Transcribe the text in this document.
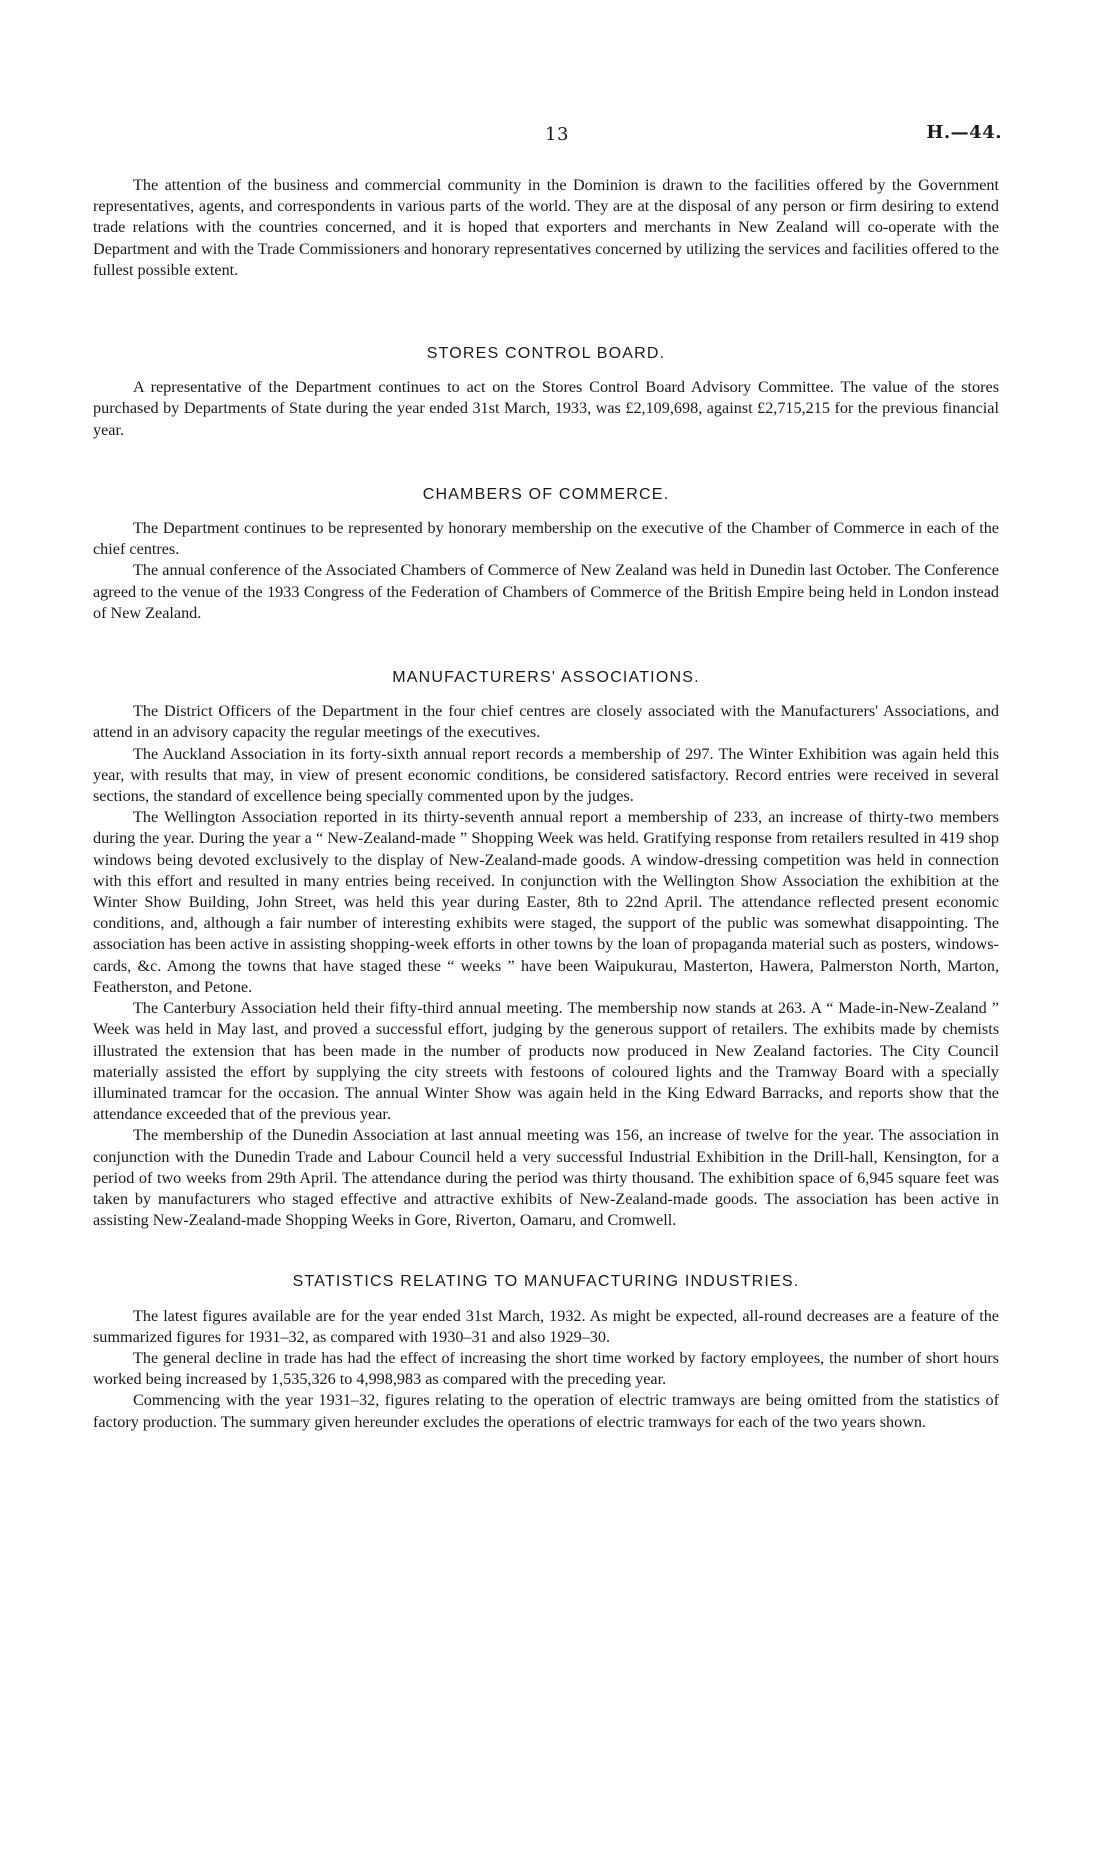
13	H.—44.

The attention of the business and commercial community in the Dominion is drawn to the facilities offered by the Government representatives, agents, and correspondents in various parts of the world. They are at the disposal of any person or firm desiring to extend trade relations with the countries concerned, and it is hoped that exporters and merchants in New Zealand will co-operate with the Department and with the Trade Commissioners and honorary representatives concerned by utilizing the services and facilities offered to the fullest possible extent.

STORES CONTROL BOARD.

A representative of the Department continues to act on the Stores Control Board Advisory Committee. The value of the stores purchased by Departments of State during the year ended 31st March, 1933, was £2,109,698, against £2,715,215 for the previous financial year.

CHAMBERS OF COMMERCE.

The Department continues to be represented by honorary membership on the executive of the Chamber of Commerce in each of the chief centres.

The annual conference of the Associated Chambers of Commerce of New Zealand was held in Dunedin last October. The Conference agreed to the venue of the 1933 Congress of the Federation of Chambers of Commerce of the British Empire being held in London instead of New Zealand.

MANUFACTURERS' ASSOCIATIONS.

The District Officers of the Department in the four chief centres are closely associated with the Manufacturers' Associations, and attend in an advisory capacity the regular meetings of the executives.

The Auckland Association in its forty-sixth annual report records a membership of 297. The Winter Exhibition was again held this year, with results that may, in view of present economic conditions, be considered satisfactory. Record entries were received in several sections, the standard of excellence being specially commented upon by the judges.

The Wellington Association reported in its thirty-seventh annual report a membership of 233, an increase of thirty-two members during the year. During the year a “ New-Zealand-made ” Shopping Week was held. Gratifying response from retailers resulted in 419 shop windows being devoted exclusively to the display of New-Zealand-made goods. A window-dressing competition was held in connection with this effort and resulted in many entries being received. In conjunction with the Wellington Show Association the exhibition at the Winter Show Building, John Street, was held this year during Easter, 8th to 22nd April. The attendance reflected present economic conditions, and, although a fair number of interesting exhibits were staged, the support of the public was somewhat disappointing. The association has been active in assisting shopping-week efforts in other towns by the loan of propaganda material such as posters, windows-cards, &c. Among the towns that have staged these “ weeks ” have been Waipukurau, Masterton, Hawera, Palmerston North, Marton, Featherston, and Petone.

The Canterbury Association held their fifty-third annual meeting. The membership now stands at 263. A “ Made-in-New-Zealand ” Week was held in May last, and proved a successful effort, judging by the generous support of retailers. The exhibits made by chemists illustrated the extension that has been made in the number of products now produced in New Zealand factories. The City Council materially assisted the effort by supplying the city streets with festoons of coloured lights and the Tramway Board with a specially illuminated tramcar for the occasion. The annual Winter Show was again held in the King Edward Barracks, and reports show that the attendance exceeded that of the previous year.

The membership of the Dunedin Association at last annual meeting was 156, an increase of twelve for the year. The association in conjunction with the Dunedin Trade and Labour Council held a very successful Industrial Exhibition in the Drill-hall, Kensington, for a period of two weeks from 29th April. The attendance during the period was thirty thousand. The exhibition space of 6,945 square feet was taken by manufacturers who staged effective and attractive exhibits of New-Zealand-made goods. The association has been active in assisting New-Zealand-made Shopping Weeks in Gore, Riverton, Oamaru, and Cromwell.

STATISTICS RELATING TO MANUFACTURING INDUSTRIES.

The latest figures available are for the year ended 31st March, 1932. As might be expected, all-round decreases are a feature of the summarized figures for 1931–32, as compared with 1930–31 and also 1929–30.

The general decline in trade has had the effect of increasing the short time worked by factory employees, the number of short hours worked being increased by 1,535,326 to 4,998,983 as compared with the preceding year.

Commencing with the year 1931–32, figures relating to the operation of electric tramways are being omitted from the statistics of factory production. The summary given hereunder excludes the operations of electric tramways for each of the two years shown.
